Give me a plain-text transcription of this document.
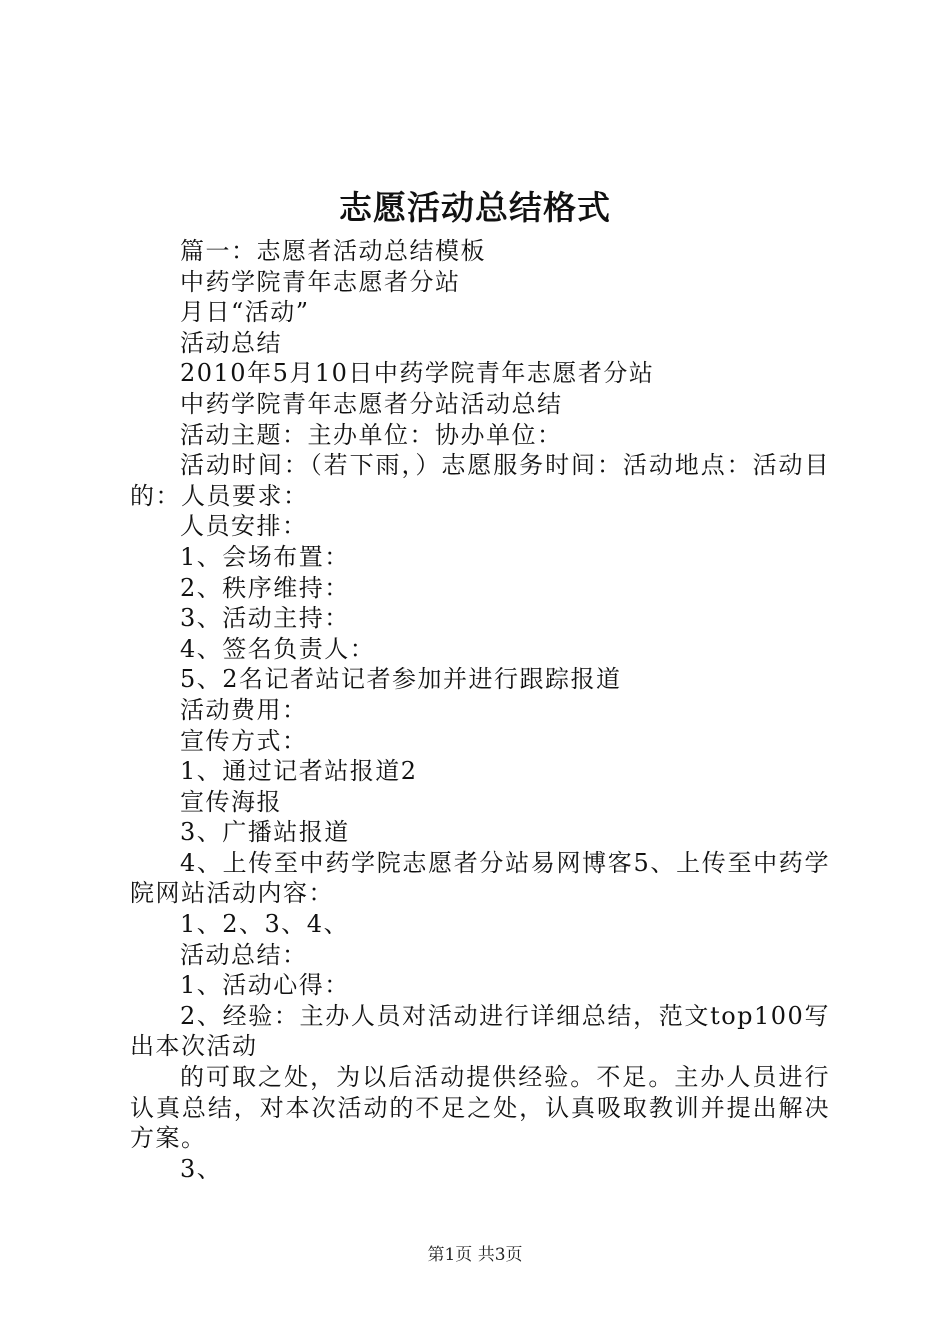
志愿活动总结格式

篇一：志愿者活动总结模板

中药学院青年志愿者分站

月日“活动”

活动总结

2010年5月10日中药学院青年志愿者分站

中药学院青年志愿者分站活动总结

活动主题：主办单位：协办单位：

活动时间：（若下雨，）志愿服务时间：活动地点：活动目的：人员要求：

人员安排：

1、会场布置：

2、秩序维持：

3、活动主持：

4、签名负责人：

5、2名记者站记者参加并进行跟踪报道

活动费用：

宣传方式：

1、通过记者站报道2

宣传海报

3、广播站报道

4、上传至中药学院志愿者分站易网博客5、上传至中药学院网站活动内容：

1、2、3、4、

活动总结：

1、活动心得：

2、经验：主办人员对活动进行详细总结，范文top100写出本次活动

的可取之处，为以后活动提供经验。不足。主办人员进行认真总结，对本次活动的不足之处，认真吸取教训并提出解决方案。

3、

第1页 共3页
